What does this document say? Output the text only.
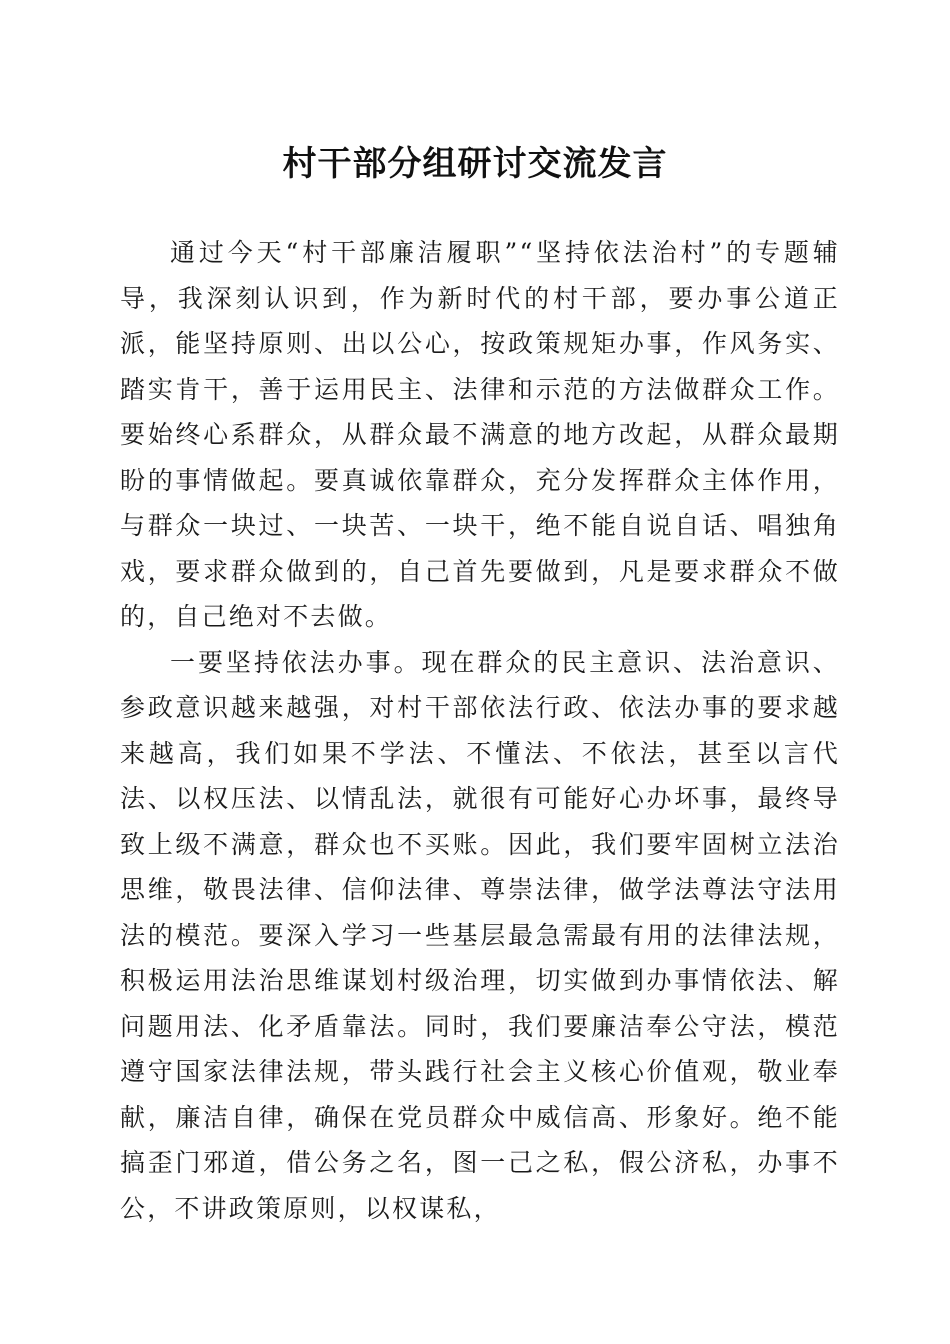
村干部分组研讨交流发言

通过今天“村干部廉洁履职”“坚持依法治村”的专题辅导，我深刻认识到，作为新时代的村干部，要办事公道正派，能坚持原则、出以公心，按政策规矩办事，作风务实、踏实肯干，善于运用民主、法律和示范的方法做群众工作。要始终心系群众，从群众最不满意的地方改起，从群众最期盼的事情做起。要真诚依靠群众，充分发挥群众主体作用，与群众一块过、一块苦、一块干，绝不能自说自话、唱独角戏，要求群众做到的，自己首先要做到，凡是要求群众不做的，自己绝对不去做。

一要坚持依法办事。现在群众的民主意识、法治意识、参政意识越来越强，对村干部依法行政、依法办事的要求越来越高，我们如果不学法、不懂法、不依法，甚至以言代法、以权压法、以情乱法，就很有可能好心办坏事，最终导致上级不满意，群众也不买账。因此，我们要牢固树立法治思维，敬畏法律、信仰法律、尊崇法律，做学法尊法守法用法的模范。要深入学习一些基层最急需最有用的法律法规，积极运用法治思维谋划村级治理，切实做到办事情依法、解问题用法、化矛盾靠法。同时，我们要廉洁奉公守法，模范遵守国家法律法规，带头践行社会主义核心价值观，敬业奉献，廉洁自律，确保在党员群众中威信高、形象好。绝不能搞歪门邪道，借公务之名，图一己之私，假公济私，办事不公，不讲政策原则，以权谋私，
